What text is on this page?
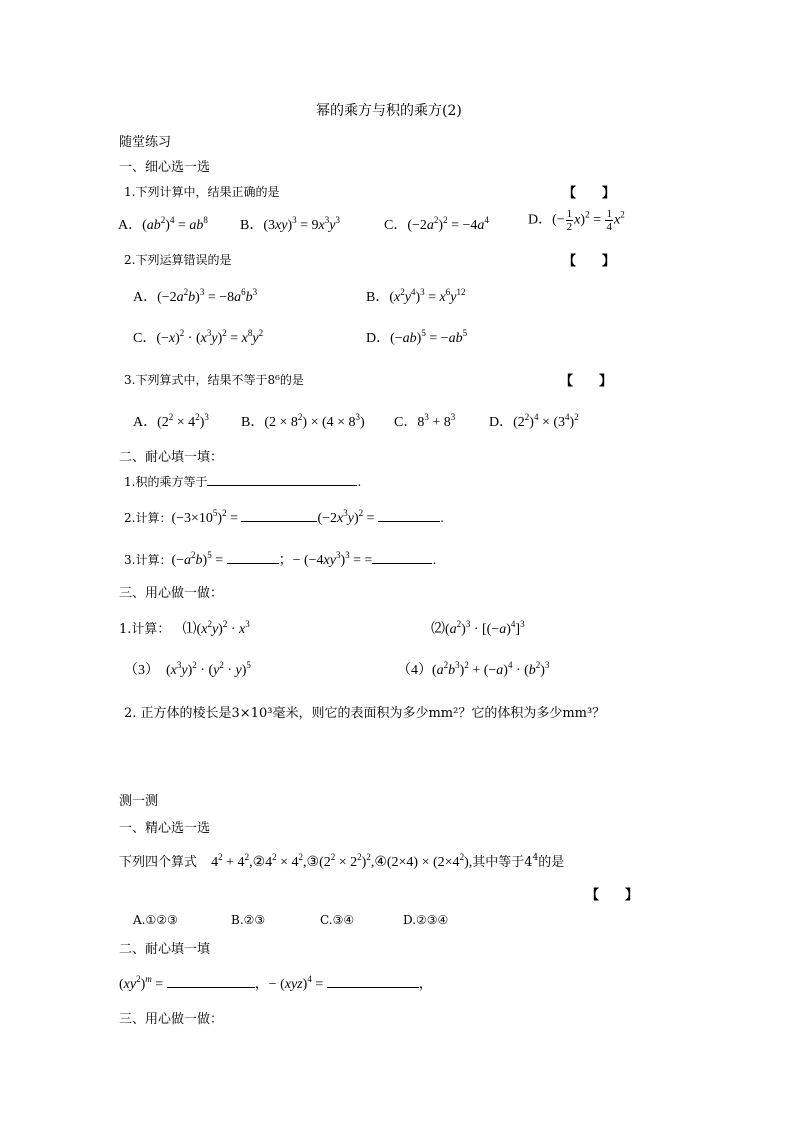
幂的乘方与积的乘方(2)
随堂练习
一、细心选一选
1.下列计算中，结果正确的是	【　　】
A．$(ab^2)^4 = ab^8$ B．$(3xy)^3 = 9x^3y^3$	C．$(-2a^2)^2 = -4a^4$	D．(− $\frac{1}{2} x)^2 = \frac{1}{4} x^2$
2.下列运算错误的是	【　　】
A．$(-2a^2b)^3 = -8a^6b^3$	B．$(x^2y^4)^3 = x^6y^{12}$
C．$(-x)^2 \cdot (x^3y)^2 = x^8y^2$	D．$(-ab)^5 = -ab^5$
3.下列算式中，结果不等于8⁶的是	【　　】
A．$(2^2 \times 4^2)^3$ B．$(2 \times 8^2) \times (4 \times 8^3)$ C．$8^3 + 8^3$ D．$(2^2)^4 \times (3^4)^2$
二、耐心填一填：
1.积的乘方等于	.
2.计算：$(-3\times 10^5)^2$ =	$(-2x^3y)^2$ =	.
3.计算：$(-a^2b)^5$ =	；− $(-4xy^3)^3$ = =	.
三、用心做一做：
1.计算： $⑴(x^2y)^2 \cdot x^3$	$⑵(a^2)^3 \cdot [(-a)^4]^3$
（3）　$(x^3y)^2 \cdot (y^2 \cdot y)^5$	$(4)(a^2b^3)^2 + (-a)^4 \cdot (b^2)^3$
2. 正方体的棱长是3×10³毫米，则它的表面积为多少mm²？它的体积为多少mm³？
测一测
一、精心选一选
下列四个算式 $4^2$ + $4^2,②4^2$ × $4^2,③(2^2$ × $2^2)^2,④(2\times 4) \times (2\times 4^2)$,其中等于$4^4$的是
【　　】
A.①②③	B.②③	C.③④	D.②③④
二、耐心填一填
$(xy^2)^m$ =	，− (xyz)$^4$ =	，
三、用心做一做：
